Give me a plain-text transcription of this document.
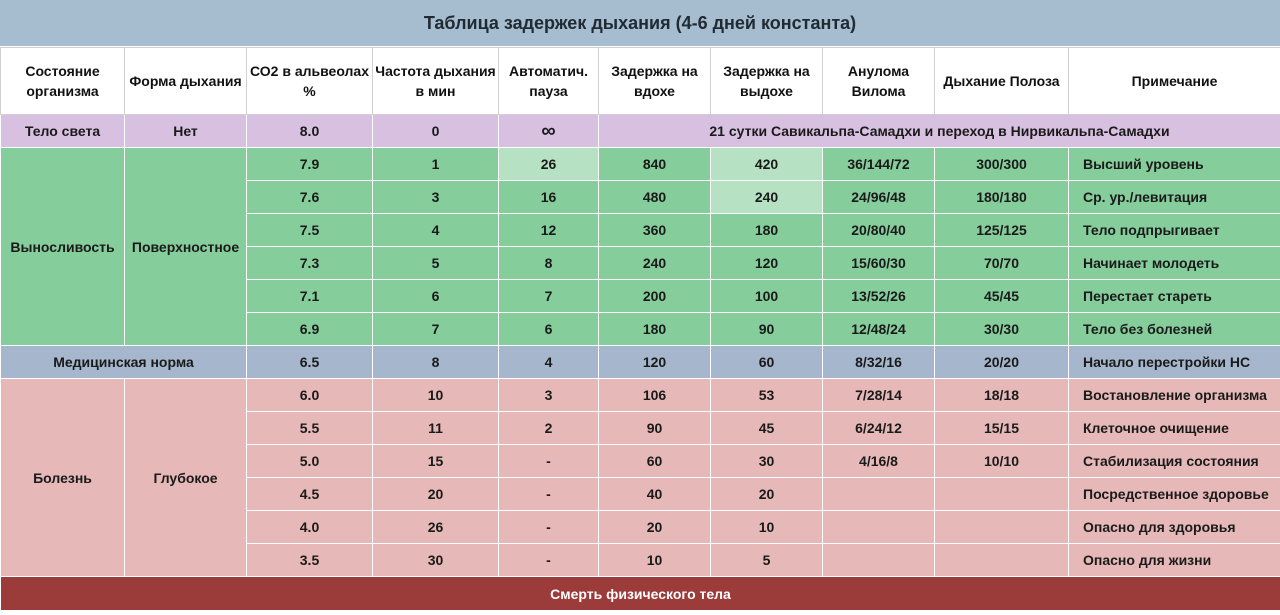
Таблица задержек дыхания (4-6 дней константа)
Состояние организма	Форма дыхания	СО2 в альвеолах %	Частота дыхания в мин	Автоматич. пауза	Задержка на вдохе	Задержка на выдохе	Анулома Вилома	Дыхание Полоза	Примечание
Тело света	Нет	8.0	0	∞	21 сутки Савикальпа-Самадхи и переход в Нирвикальпа-Самадхи				
Выносливость	Поверхностное	7.9	1	26	840	420	36/144/72	300/300	Высший уровень
		7.6	3	16	480	240	24/96/48	180/180	Ср. ур./левитация
		7.5	4	12	360	180	20/80/40	125/125	Тело подпрыгивает
		7.3	5	8	240	120	15/60/30	70/70	Начинает молодеть
		7.1	6	7	200	100	13/52/26	45/45	Перестает стареть
		6.9	7	6	180	90	12/48/24	30/30	Тело без болезней
Медицинская норма		6.5	8	4	120	60	8/32/16	20/20	Начало перестройки НС
Болезнь	Глубокое	6.0	10	3	106	53	7/28/14	18/18	Востановление организма
		5.5	11	2	90	45	6/24/12	15/15	Клеточное очищение
		5.0	15	-	60	30	4/16/8	10/10	Стабилизация состояния
		4.5	20	-	40	20			Посредственное здоровье
		4.0	26	-	20	10			Опасно для здоровья
		3.5	30	-	10	5			Опасно для жизни
Смерть физического тела									
